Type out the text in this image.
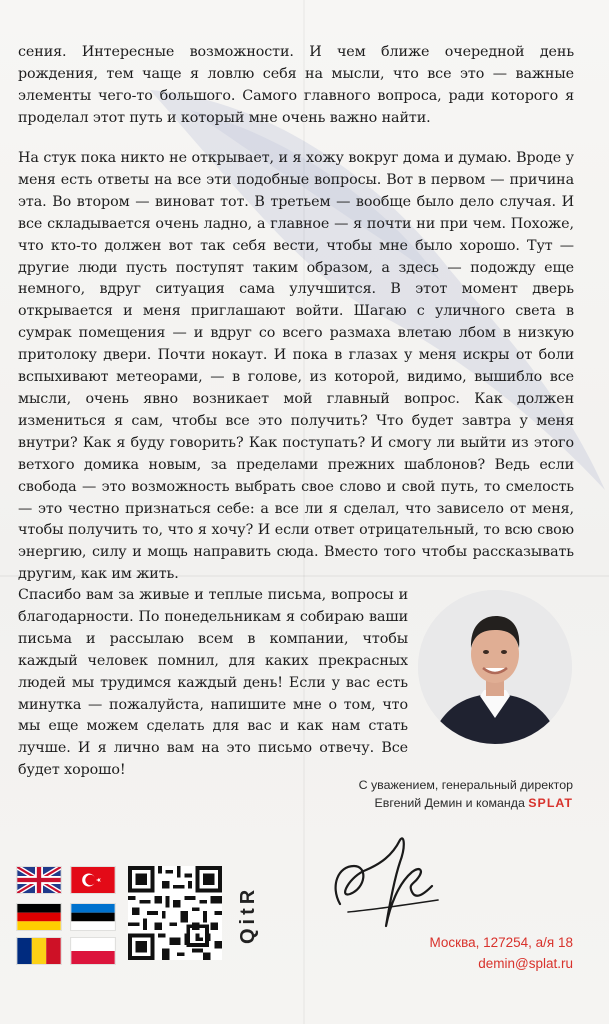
сения. Интересные возможности. И чем ближе очередной день рождения, тем чаще я ловлю себя на мысли, что все это — важные элементы чего-то большого. Самого главного вопроса, ради которого я проделал этот путь и который мне очень важно найти.
На стук пока никто не открывает, и я хожу вокруг дома и думаю. Вроде у меня есть ответы на все эти подобные вопросы. Вот в первом — причина эта. Во втором — виноват тот. В третьем — вообще было дело случая. И все складывается очень ладно, а главное — я почти ни при чем. Похоже, что кто-то должен вот так себя вести, чтобы мне было хорошо. Тут — другие люди пусть поступят таким образом, а здесь — подожду еще немного, вдруг ситуация сама улучшится. В этот момент дверь открывается и меня приглашают войти. Шагаю с уличного света в сумрак помещения — и вдруг со всего размаха влетаю лбом в низкую притолоку двери. Почти нокаут. И пока в глазах у меня искры от боли вспыхивают метеорами, — в голове, из которой, видимо, вышибло все мысли, очень явно возникает мой главный вопрос. Как должен измениться я сам, чтобы все это получить? Что будет завтра у меня внутри? Как я буду говорить? Как поступать? И смогу ли выйти из этого ветхого домика новым, за пределами прежних шаблонов? Ведь если свобода — это возможность выбрать свое слово и свой путь, то смелость — это честно признаться себе: а все ли я сделал, что зависело от меня, чтобы получить то, что я хочу? И если ответ отрицательный, то всю свою энергию, силу и мощь направить сюда. Вместо того чтобы рассказывать другим, как им жить.
Спасибо вам за живые и теплые письма, вопросы и благодарности. По понедельникам я собираю ваши письма и рассылаю всем в компании, чтобы каждый человек помнил, для каких прекрасных людей мы трудимся каждый день! Если у вас есть минутка — пожалуйста, напишите мне о том, что мы еще можем сделать для вас и как нам стать лучше. И я лично вам на это письмо отвечу. Все будет хорошо!
С уважением, генеральный директор
Евгений Демин и команда SPLAT
QitR	Москва, 127254, а/я 18
demin@splat.ru
